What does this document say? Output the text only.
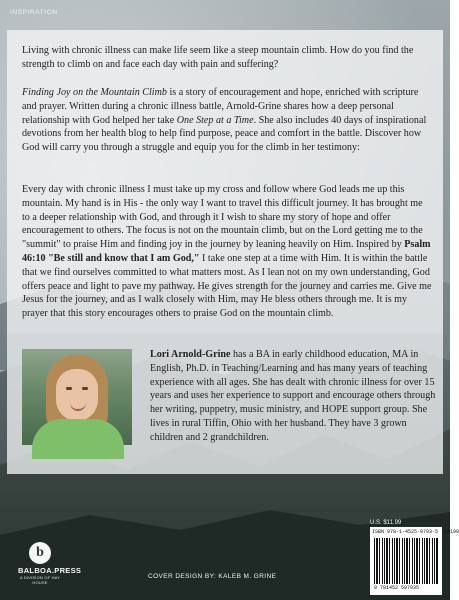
INSPIRATION
Living with chronic illness can make life seem like a steep mountain climb. How do you find the strength to climb on and face each day with pain and suffering?
Finding Joy on the Mountain Climb is a story of encouragement and hope, enriched with scripture and prayer. Written during a chronic illness battle, Arnold-Grine shares how a deep personal relationship with God helped her take One Step at a Time. She also includes 40 days of inspirational devotions from her health blog to help find purpose, peace and comfort in the battle. Discover how God will carry you through a struggle and equip you for the climb in her testimony:
Every day with chronic illness I must take up my cross and follow where God leads me up this mountain. My hand is in His - the only way I want to travel this difficult journey. It has brought me to a deeper relationship with God, and through it I wish to share my story of hope and offer encouragement to others. The focus is not on the mountain climb, but on the Lord getting me to the "summit" to praise Him and finding joy in the journey by leaning heavily on Him. Inspired by Psalm 46:10 "Be still and know that I am God," I take one step at a time with Him. It is within the battle that we find ourselves committed to what matters most. As I lean not on my own understanding, God offers peace and light to pave my pathway. He gives strength for the journey and carries me. Give me Jesus for the journey, and as I walk closely with Him, may He bless others through me. It is my prayer that this story encourages others to praise God on the mountain climb.
Lori Arnold-Grine has a BA in early childhood education, MA in English, Ph.D. in Teaching/Learning and has many years of teaching experience with all ages. She has dealt with chronic illness for over 15 years and uses her experience to support and encourage others through her writing, puppetry, music ministry, and HOPE support group. She lives in rural Tiffin, Ohio with her husband. They have 3 grown children and 2 grandchildren.
U.S. $11.99
ISBN 978-1-4525-9793-5 51199
9 781452 597935
b
BALBOA.PRESS
A DIVISION OF HAY HOUSE
COVER DESIGN BY: KALEB M. GRINE
